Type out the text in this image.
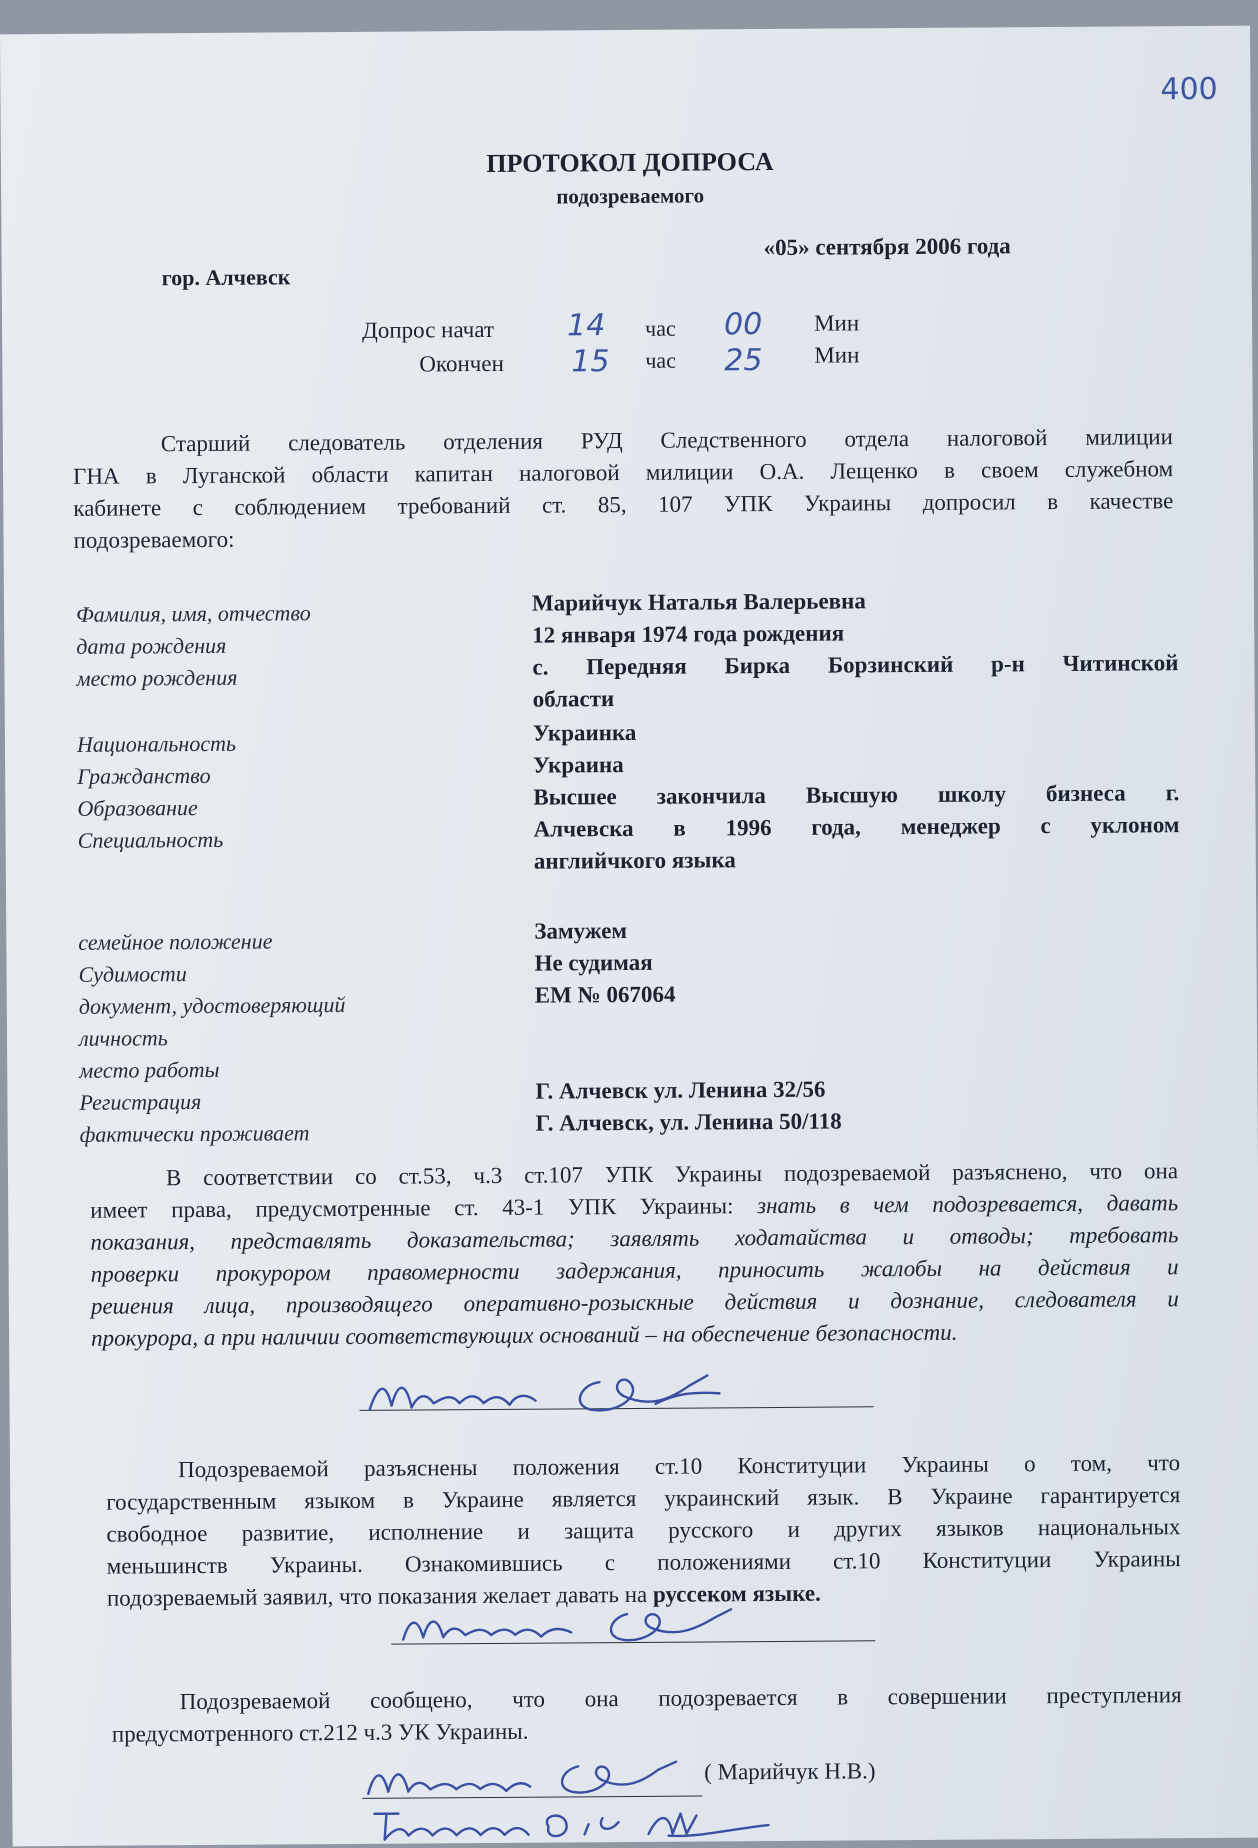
400
ПРОТОКОЛ ДОПРОСА
подозреваемого
гор. Алчевск
«05» сентября 2006 года
Допрос начат 14 час 00 Мин
Окончен 15 час 25 Мин
Старший следователь отделения РУД Следственного отдела налоговой милиции
ГНА в Луганской области капитан налоговой милиции О.А. Лещенко в своем служебном
кабинете с соблюдением требований ст. 85, 107 УПК Украины допросил в качестве
подозреваемого:
Фамилия, имя, отчество	Марийчук Наталья Валерьевна
дата рождения	12 января 1974 года рождения
место рождения	с. Передняя Бирка Борзинский р-н Читинской
области
Национальность	Украинка
Гражданство	Украина
Образование	Высшее закончила Высшую школу бизнеса г.
Специальность	Алчевска в 1996 года, менеджер с уклоном
английчкого языка
семейное положение	Замужем
Судимости	Не судимая
документ, удостоверяющий	ЕМ № 067064
личность
место работы
Регистрация	Г. Алчевск ул. Ленина 32/56
фактически проживает	Г. Алчевск, ул. Ленина 50/118
В соответствии со ст.53, ч.3 ст.107 УПК Украины подозреваемой разъяснено, что она
имеет права, предусмотренные ст. 43-1 УПК Украины: знать в чем подозревается, давать
показания, представлять доказательства; заявлять ходатайства и отводы; требовать
проверки прокурором правомерности задержания, приносить жалобы на действия и
решения лица, производящего оперативно-розыскные действия и дознание, следователя и
прокурора, а при наличии соответствующих оснований – на обеспечение безопасности.
Подозреваемой разъяснены положения ст.10 Конституции Украины о том, что
государственным языком в Украине является украинский язык. В Украине гарантируется
свободное развитие, исполнение и защита русского и других языков национальных
меньшинств Украины. Ознакомившись с положениями ст.10 Конституции Украины
подозреваемый заявил, что показания желает давать на руссеком языке.
Подозреваемой сообщено, что она подозревается в совершении преступления
предусмотренного ст.212 ч.3 УК Украины.
( Марийчук Н.В.)
